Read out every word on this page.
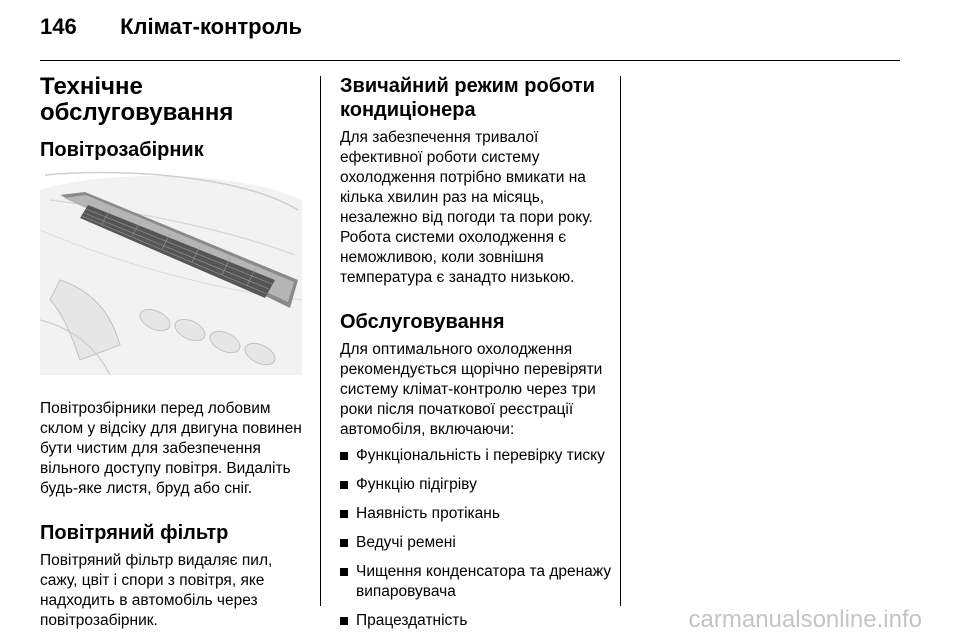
146 Клімат-контроль
Технічне обслуговування
Повітрозабірник

Повітрозбірники перед лобовим склом у відсіку для двигуна повинен бути чистим для забезпечення вільного доступу повітря. Видаліть будь-яке листя, бруд або сніг.

Повітряний фільтр

Повітряний фільтр видаляє пил, сажу, цвіт і спори з повітря, яке надходить в автомобіль через повітрозабірник.

Звичайний режим роботи кондиціонера

Для забезпечення тривалої ефективної роботи систему охолодження потрібно вмикати на кілька хвилин раз на місяць, незалежно від погоди та пори року. Робота системи охолодження є неможливою, коли зовнішня температура є занадто низькою.

Обслуговування

Для оптимального охолодження рекомендується щорічно перевіряти систему клімат-контролю через три роки після початкової реєстрації автомобіля, включаючи:

Функціональність і перевірку тиску
Функцію підігріву
Наявність протікань
Ведучі ремені
Чищення конденсатора та дренажу випаровувача
Працездатність	carmanualsonline.info
